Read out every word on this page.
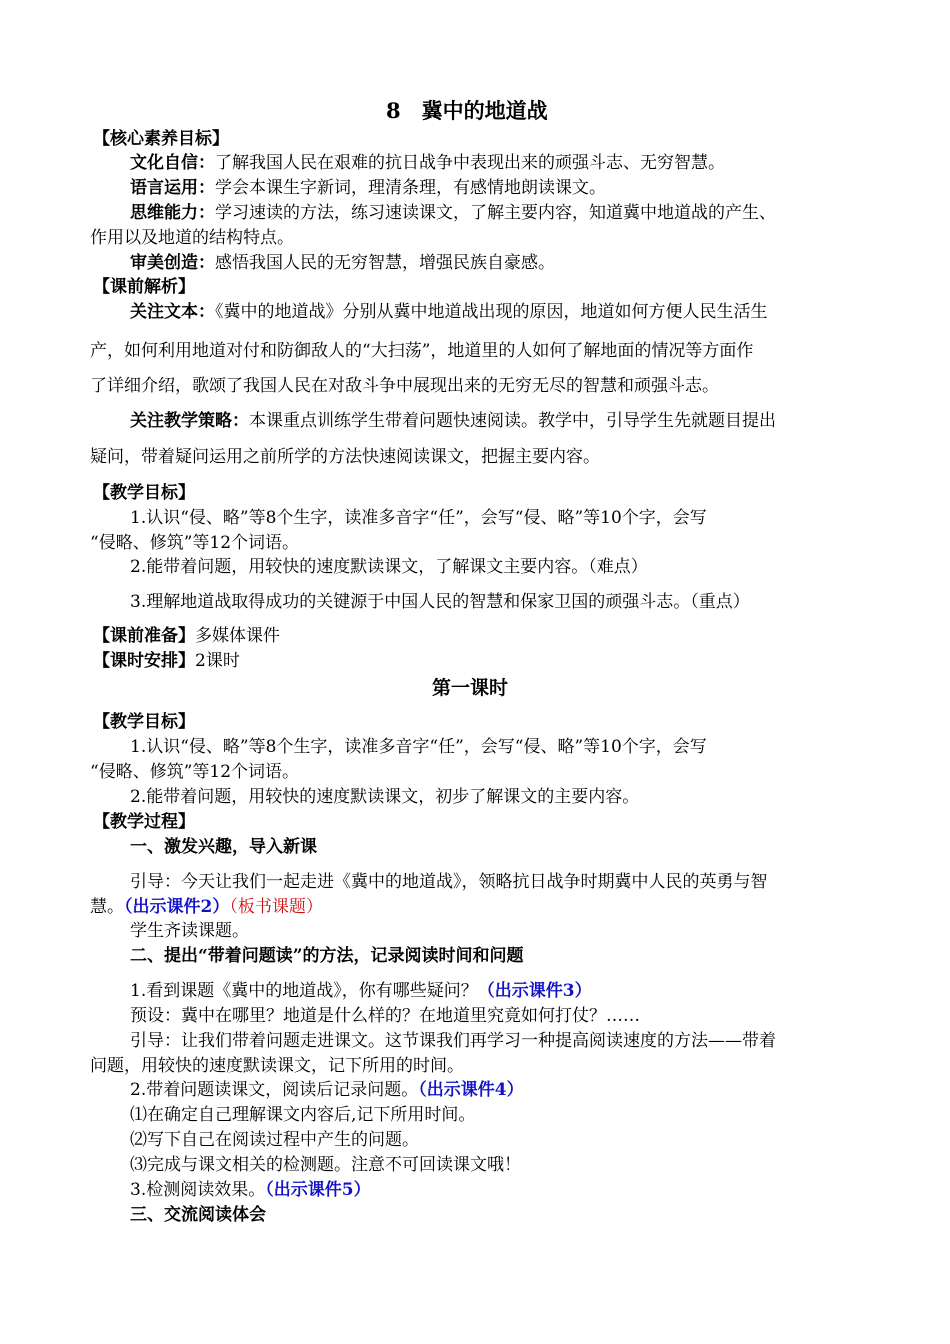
8　冀中的地道战
【核心素养目标】
文化自信：了解我国人民在艰难的抗日战争中表现出来的顽强斗志、无穷智慧。
语言运用：学会本课生字新词，理清条理，有感情地朗读课文。
思维能力：学习速读的方法，练习速读课文，了解主要内容，知道冀中地道战的产生、
作用以及地道的结构特点。
审美创造：感悟我国人民的无穷智慧，增强民族自豪感。
【课前解析】
关注文本：《冀中的地道战》分别从冀中地道战出现的原因，地道如何方便人民生活生
产，如何利用地道对付和防御敌人的“大扫荡”，地道里的人如何了解地面的情况等方面作
了详细介绍，歌颂了我国人民在对敌斗争中展现出来的无穷无尽的智慧和顽强斗志。
关注教学策略：本课重点训练学生带着问题快速阅读。教学中，引导学生先就题目提出
疑问，带着疑问运用之前所学的方法快速阅读课文，把握主要内容。
【教学目标】
1.认识“侵、略”等8个生字，读准多音字“任”，会写“侵、略”等10个字，会写
“侵略、修筑”等12个词语。
2.能带着问题，用较快的速度默读课文，了解课文主要内容。（难点）
3.理解地道战取得成功的关键源于中国人民的智慧和保家卫国的顽强斗志。（重点）
【课前准备】多媒体课件
【课时安排】2课时
第一课时
【教学目标】
1.认识“侵、略”等8个生字，读准多音字“任”，会写“侵、略”等10个字，会写
“侵略、修筑”等12个词语。
2.能带着问题，用较快的速度默读课文，初步了解课文的主要内容。
【教学过程】
一、激发兴趣，导入新课
引导：今天让我们一起走进《冀中的地道战》，领略抗日战争时期冀中人民的英勇与智
慧。（出示课件2）（板书课题）
学生齐读课题。
二、提出“带着问题读”的方法，记录阅读时间和问题
1.看到课题《冀中的地道战》，你有哪些疑问？（出示课件3）
预设：冀中在哪里？地道是什么样的？在地道里究竟如何打仗？……
引导：让我们带着问题走进课文。这节课我们再学习一种提高阅读速度的方法——带着
问题，用较快的速度默读课文，记下所用的时间。
2.带着问题读课文，阅读后记录问题。（出示课件4）
⑴在确定自己理解课文内容后,记下所用时间。
⑵写下自己在阅读过程中产生的问题。
⑶完成与课文相关的检测题。注意不可回读课文哦！
3.检测阅读效果。（出示课件5）
三、交流阅读体会
